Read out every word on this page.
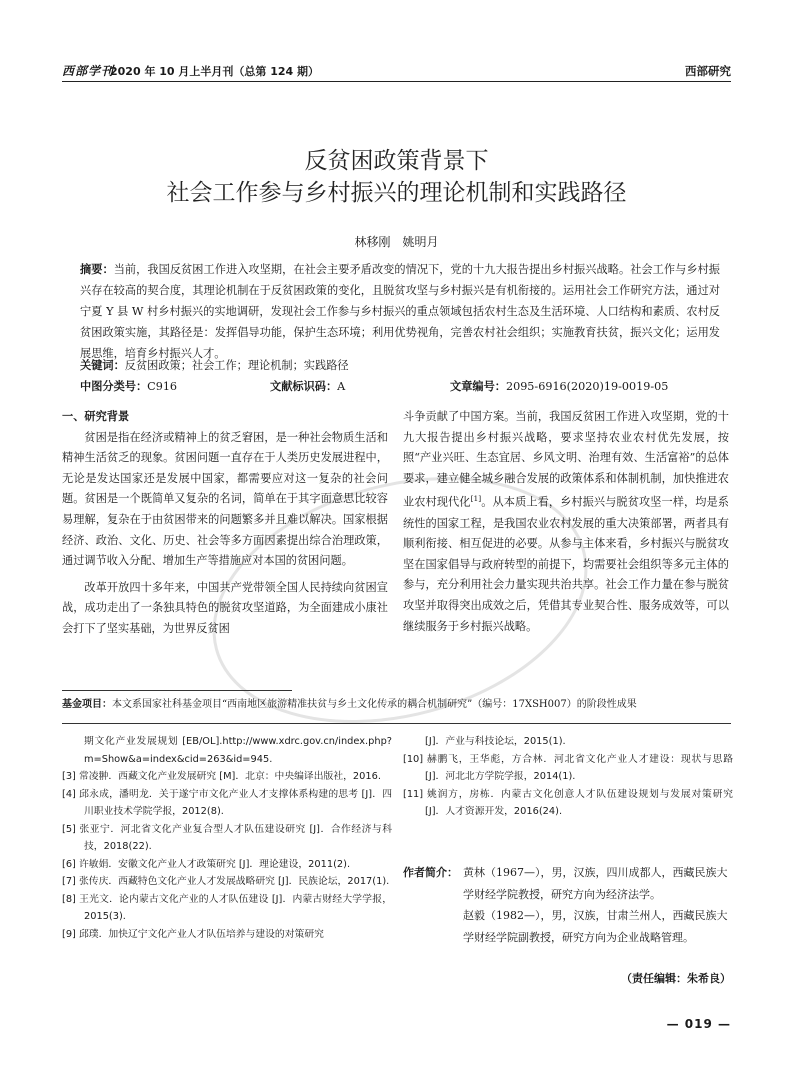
西部学刊
2020 年 10 月上半月刊（总第 124 期）	西部研究
反贫困政策背景下
社会工作参与乡村振兴的理论机制和实践路径
林移刚　姚明月
摘要：当前，我国反贫困工作进入攻坚期，在社会主要矛盾改变的情况下，党的十九大报告提出乡村振兴战略。社会工作与乡村振兴存在较高的契合度，其理论机制在于反贫困政策的变化，且脱贫攻坚与乡村振兴是有机衔接的。运用社会工作研究方法，通过对宁夏 Y 县 W 村乡村振兴的实地调研，发现社会工作参与乡村振兴的重点领域包括农村生态及生活环境、人口结构和素质、农村反贫困政策实施，其路径是：发挥倡导功能，保护生态环境；利用优势视角，完善农村社会组织；实施教育扶贫，振兴文化；运用发展思维，培育乡村振兴人才。
关键词：反贫困政策；社会工作；理论机制；实践路径
中图分类号：C916	文献标识码：A	文章编号：2095-6916(2020)19-0019-05
一、研究背景
贫困是指在经济或精神上的贫乏窘困，是一种社会物质生活和精神生活贫乏的现象。贫困问题一直存在于人类历史发展进程中，无论是发达国家还是发展中国家，都需要应对这一复杂的社会问题。贫困是一个既简单又复杂的名词，简单在于其字面意思比较容易理解，复杂在于由贫困带来的问题繁多并且难以解决。国家根据经济、政治、文化、历史、社会等多方面因素提出综合治理政策，通过调节收入分配、增加生产等措施应对本国的贫困问题。
改革开放四十多年来，中国共产党带领全国人民持续向贫困宣战，成功走出了一条独具特色的脱贫攻坚道路，为全面建成小康社会打下了坚实基础，为世界反贫困
斗争贡献了中国方案。当前，我国反贫困工作进入攻坚期，党的十九大报告提出乡村振兴战略，要求坚持农业农村优先发展，按照“产业兴旺、生态宜居、乡风文明、治理有效、生活富裕”的总体要求，建立健全城乡融合发展的政策体系和体制机制，加快推进农业农村现代化[1]。从本质上看，乡村振兴与脱贫攻坚一样，均是系统性的国家工程，是我国农业农村发展的重大决策部署，两者具有顺利衔接、相互促进的必要。从参与主体来看，乡村振兴与脱贫攻坚在国家倡导与政府转型的前提下，均需要社会组织等多元主体的参与，充分利用社会力量实现共治共享。社会工作力量在参与脱贫攻坚并取得突出成效之后，凭借其专业契合性、服务成效等，可以继续服务于乡村振兴战略。
基金项目：本文系国家社科基金项目“西南地区旅游精准扶贫与乡土文化传承的耦合机制研究”（编号：17XSH007）的阶段性成果
期文化产业发展规划 [EB/OL].http://www.xdrc.gov.cn/index.php?m=Show&a=index&cid=263&id=945.
[3] 常凌翀．西藏文化产业发展研究 [M]．北京：中央编译出版社，2016.
[4] 邱永成，潘明龙．关于遂宁市文化产业人才支撑体系构建的思考 [J]．四川职业技术学院学报，2012(8).
[5] 张亚宁．河北省文化产业复合型人才队伍建设研究 [J]．合作经济与科技，2018(22).
[6] 许敏娟．安徽文化产业人才政策研究 [J]．理论建设，2011(2).
[7] 张传庆．西藏特色文化产业人才发展战略研究 [J]．民族论坛，2017(1).
[8] 王光文．论内蒙古文化产业的人才队伍建设 [J]．内蒙古财经大学学报，2015(3).
[9] 邱璞．加快辽宁文化产业人才队伍培养与建设的对策研究
[J]．产业与科技论坛，2015(1).
[10] 赫鹏飞，王华彪，方合林．河北省文化产业人才建设：现状与思路 [J]．河北北方学院学报，2014(1).
[11] 姚润方，房栋．内蒙古文化创意人才队伍建设规划与发展对策研究 [J]．人才资源开发，2016(24).
作者简介： 黄林（1967—），男，汉族，四川成都人，西藏民族大学财经学院教授，研究方向为经济法学。
赵毅（1982—），男，汉族，甘肃兰州人，西藏民族大学财经学院副教授，研究方向为企业战略管理。
（责任编辑：朱希良）
— 019 —
